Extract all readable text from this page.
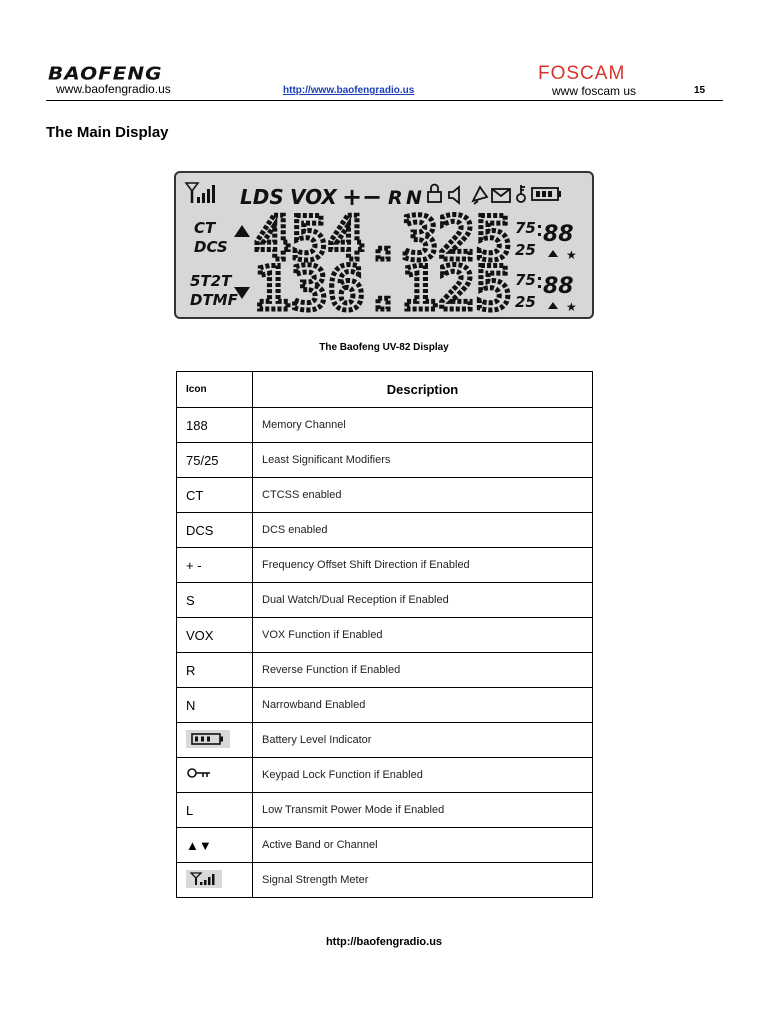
BAOFENG
www.baofengradio.us	http://www.baofengradio.us
FOSCAM
www foscam us	15
The Main Display
LDS VOX + − R N
CT
DCS
5T2T
DTMF
454.325
136.125
75
25
75
25
88
★
88
★
The Baofeng UV-82 Display
Icon	Description
188	Memory Channel
75/25	Least Significant Modifiers
CT	CTCSS enabled
DCS	DCS enabled
+ -	Frequency Offset Shift Direction if Enabled
S	Dual Watch/Dual Reception if Enabled
VOX	VOX Function if Enabled
R	Reverse Function if Enabled
N	Narrowband Enabled
	Battery Level Indicator
	Keypad Lock Function if Enabled
L	Low Transmit Power Mode if Enabled
▲▼	Active Band or Channel
	Signal Strength Meter
http://baofengradio.us
